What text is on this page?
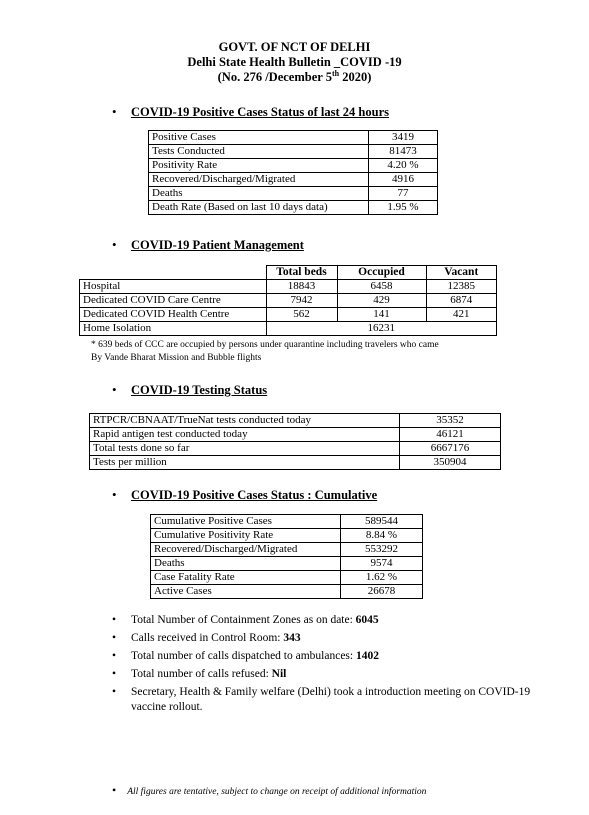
GOVT. OF NCT OF DELHI
Delhi State Health Bulletin _COVID -19
(No. 276 /December 5th 2020)
• COVID-19 Positive Cases Status of last 24 hours
Positive Cases	3419
Tests Conducted	81473
Positivity Rate	4.20 %
Recovered/Discharged/Migrated	4916
Deaths	77
Death Rate (Based on last 10 days data)	1.95 %
• COVID-19 Patient Management
	Total beds	Occupied	Vacant
Hospital	18843	6458	12385
Dedicated COVID Care Centre	7942	429	6874
Dedicated COVID Health Centre	562	141	421
Home Isolation	16231		
* 639 beds of CCC are occupied by persons under quarantine including travelers who came
By Vande Bharat Mission and Bubble flights
• COVID-19 Testing Status
RTPCR/CBNAAT/TrueNat tests conducted today	35352
Rapid antigen test conducted today	46121
Total tests done so far	6667176
Tests per million	350904
• COVID-19 Positive Cases Status : Cumulative
Cumulative Positive Cases	589544
Cumulative Positivity Rate	8.84 %
Recovered/Discharged/Migrated	553292
Deaths	9574
Case Fatality Rate	1.62 %
Active Cases	26678
• Total Number of Containment Zones as on date: 6045
• Calls received in Control Room: 343
• Total number of calls dispatched to ambulances: 1402
• Total number of calls refused: Nil
• Secretary, Health & Family welfare (Delhi) took a introduction meeting on COVID-19 vaccine rollout.
• All figures are tentative, subject to change on receipt of additional information
